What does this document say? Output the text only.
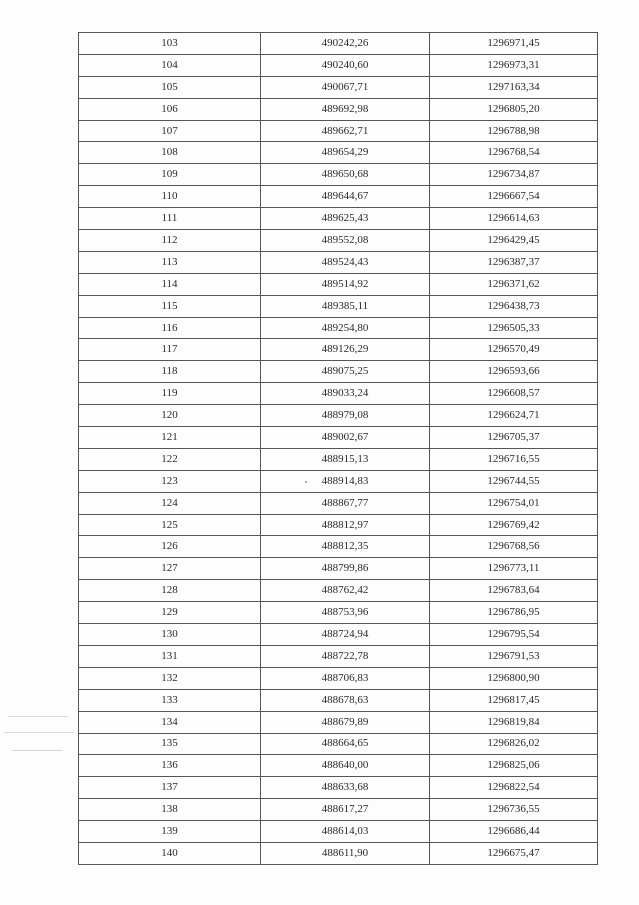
103	490242,26	1296971,45
104	490240,60	1296973,31
105	490067,71	1297163,34
106	489692,98	1296805,20
107	489662,71	1296788,98
108	489654,29	1296768,54
109	489650,68	1296734,87
110	489644,67	1296667,54
111	489625,43	1296614,63
112	489552,08	1296429,45
113	489524,43	1296387,37
114	489514,92	1296371,62
115	489385,11	1296438,73
116	489254,80	1296505,33
117	489126,29	1296570,49
118	489075,25	1296593,66
119	489033,24	1296608,57
120	488979,08	1296624,71
121	489002,67	1296705,37
122	488915,13	1296716,55
123	488914,83	1296744,55
124	488867,77	1296754,01
125	488812,97	1296769,42
126	488812,35	1296768,56
127	488799,86	1296773,11
128	488762,42	1296783,64
129	488753,96	1296786,95
130	488724,94	1296795,54
131	488722,78	1296791,53
132	488706,83	1296800,90
133	488678,63	1296817,45
134	488679,89	1296819,84
135	488664,65	1296826,02
136	488640,00	1296825,06
137	488633,68	1296822,54
138	488617,27	1296736,55
139	488614,03	1296686,44
140	488611,90	1296675,47
